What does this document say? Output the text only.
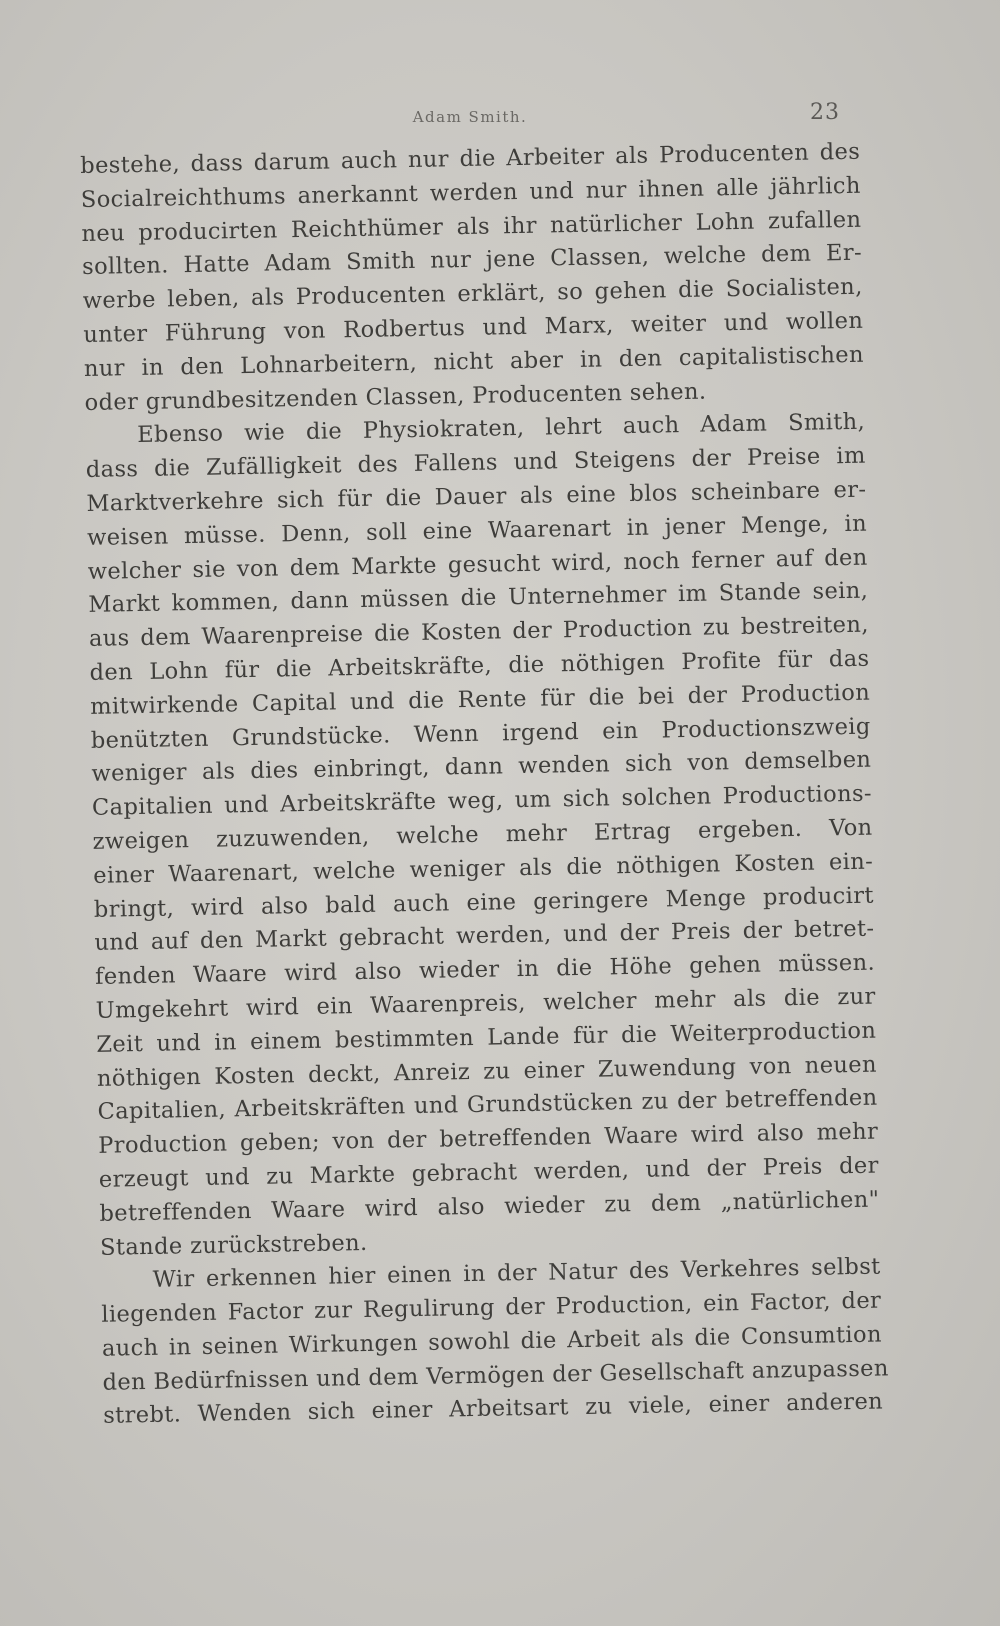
Adam Smith.	23
bestehe, dass darum auch nur die Arbeiter als Producenten des
Socialreichthums anerkannt werden und nur ihnen alle jährlich
neu producirten Reichthümer als ihr natürlicher Lohn zufallen
sollten. Hatte Adam Smith nur jene Classen, welche dem Er-
werbe leben, als Producenten erklärt, so gehen die Socialisten,
unter Führung von Rodbertus und Marx, weiter und wollen
nur in den Lohnarbeitern, nicht aber in den capitalistischen
oder grundbesitzenden Classen, Producenten sehen.
Ebenso wie die Physiokraten, lehrt auch Adam Smith,
dass die Zufälligkeit des Fallens und Steigens der Preise im
Marktverkehre sich für die Dauer als eine blos scheinbare er-
weisen müsse. Denn, soll eine Waarenart in jener Menge, in
welcher sie von dem Markte gesucht wird, noch ferner auf den
Markt kommen, dann müssen die Unternehmer im Stande sein,
aus dem Waarenpreise die Kosten der Production zu bestreiten,
den Lohn für die Arbeitskräfte, die nöthigen Profite für das
mitwirkende Capital und die Rente für die bei der Production
benützten Grundstücke. Wenn irgend ein Productionszweig
weniger als dies einbringt, dann wenden sich von demselben
Capitalien und Arbeitskräfte weg, um sich solchen Productions-
zweigen zuzuwenden, welche mehr Ertrag ergeben. Von
einer Waarenart, welche weniger als die nöthigen Kosten ein-
bringt, wird also bald auch eine geringere Menge producirt
und auf den Markt gebracht werden, und der Preis der betret-
fenden Waare wird also wieder in die Höhe gehen müssen.
Umgekehrt wird ein Waarenpreis, welcher mehr als die zur
Zeit und in einem bestimmten Lande für die Weiterproduction
nöthigen Kosten deckt, Anreiz zu einer Zuwendung von neuen
Capitalien, Arbeitskräften und Grundstücken zu der betreffenden
Production geben; von der betreffenden Waare wird also mehr
erzeugt und zu Markte gebracht werden, und der Preis der
betreffenden Waare wird also wieder zu dem „natürlichen"
Stande zurückstreben.
Wir erkennen hier einen in der Natur des Verkehres selbst
liegenden Factor zur Regulirung der Production, ein Factor, der
auch in seinen Wirkungen sowohl die Arbeit als die Consumtion
den Bedürfnissen und dem Vermögen der Gesellschaft anzupassen
strebt. Wenden sich einer Arbeitsart zu viele, einer anderen
